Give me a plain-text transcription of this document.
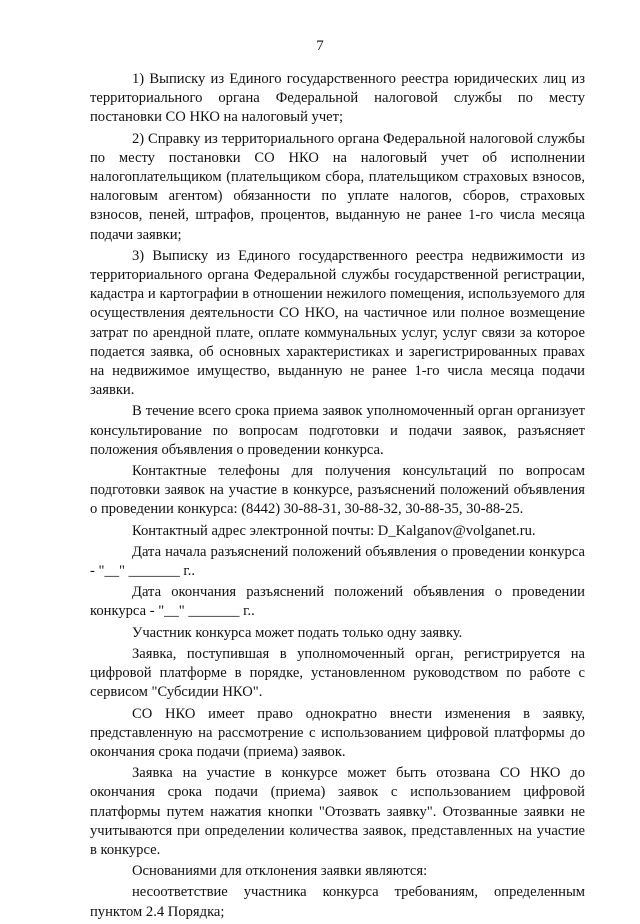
7

1) Выписку из Единого государственного реестра юридических лиц из территориального органа Федеральной налоговой службы по месту постановки СО НКО на налоговый учет;

2) Справку из территориального органа Федеральной налоговой службы по месту постановки СО НКО на налоговый учет об исполнении налогоплательщиком (плательщиком сбора, плательщиком страховых взносов, налоговым агентом) обязанности по уплате налогов, сборов, страховых взносов, пеней, штрафов, процентов, выданную не ранее 1-го числа месяца подачи заявки;

3) Выписку из Единого государственного реестра недвижимости из территориального органа Федеральной службы государственной регистрации, кадастра и картографии в отношении нежилого помещения, используемого для осуществления деятельности СО НКО, на частичное или полное возмещение затрат по арендной плате, оплате коммунальных услуг, услуг связи за которое подается заявка, об основных характеристиках и зарегистрированных правах на недвижимое имущество, выданную не ранее 1-го числа месяца подачи заявки.

В течение всего срока приема заявок уполномоченный орган организует консультирование по вопросам подготовки и подачи заявок, разъясняет положения объявления о проведении конкурса.

Контактные телефоны для получения консультаций по вопросам подготовки заявок на участие в конкурсе, разъяснений положений объявления о проведении конкурса: (8442) 30-88-31, 30-88-32, 30-88-35, 30-88-25.

Контактный адрес электронной почты: D_Kalganov@volganet.ru.

Дата начала разъяснений положений объявления о проведении конкурса - "__" _______ г..

Дата окончания разъяснений положений объявления о проведении конкурса - "__" _______ г..

Участник конкурса может подать только одну заявку.

Заявка, поступившая в уполномоченный орган, регистрируется на цифровой платформе в порядке, установленном руководством по работе с сервисом "Субсидии НКО".

СО НКО имеет право однократно внести изменения в заявку, представленную на рассмотрение с использованием цифровой платформы до окончания срока подачи (приема) заявок.

Заявка на участие в конкурсе может быть отозвана СО НКО до окончания срока подачи (приема) заявок с использованием цифровой платформы путем нажатия кнопки "Отозвать заявку". Отозванные заявки не учитываются при определении количества заявок, представленных на участие в конкурсе.

Основаниями для отклонения заявки являются:

несоответствие участника конкурса требованиям, определенным пунктом 2.4 Порядка;
